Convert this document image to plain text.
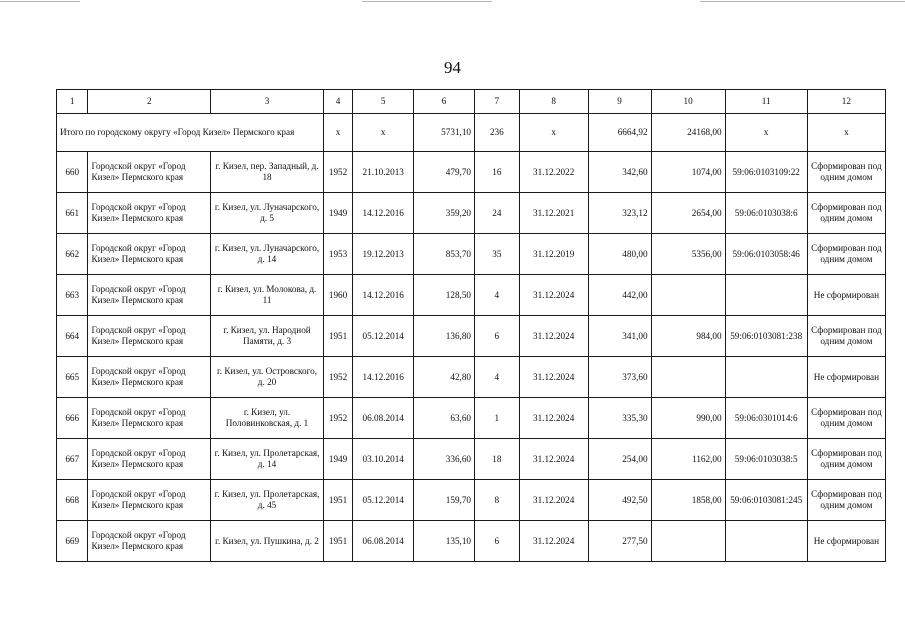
94
1	2	3	4	5	6	7	8	9	10	11	12
Итого по городскому округу «Город Кизел» Пермского края			х	х	5731,10	236	х	6664,92	24168,00	х	х
660	Городской округ «Город Кизел» Пермского края	г. Кизел, пер. Западный, д. 18	1952	21.10.2013	479,70	16	31.12.2022	342,60	1074,00	59:06:0103109:22	Сформирован под одним домом
661	Городской округ «Город Кизел» Пермского края	г. Кизел, ул. Луначарского, д. 5	1949	14.12.2016	359,20	24	31.12.2021	323,12	2654,00	59:06:0103038:6	Сформирован под одним домом
662	Городской округ «Город Кизел» Пермского края	г. Кизел, ул. Луначарского, д. 14	1953	19.12.2013	853,70	35	31.12.2019	480,00	5356,00	59:06:0103058:46	Сформирован под одним домом
663	Городской округ «Город Кизел» Пермского края	г. Кизел, ул. Молокова, д. 11	1960	14.12.2016	128,50	4	31.12.2024	442,00			Не сформирован
664	Городской округ «Город Кизел» Пермского края	г. Кизел, ул. Народной Памяти, д. 3	1951	05.12.2014	136,80	6	31.12.2024	341,00	984,00	59:06:0103081:238	Сформирован под одним домом
665	Городской округ «Город Кизел» Пермского края	г. Кизел, ул. Островского, д. 20	1952	14.12.2016	42,80	4	31.12.2024	373,60			Не сформирован
666	Городской округ «Город Кизел» Пермского края	г. Кизел, ул. Половинковская, д. 1	1952	06.08.2014	63,60	1	31.12.2024	335,30	990,00	59:06:0301014:6	Сформирован под одним домом
667	Городской округ «Город Кизел» Пермского края	г. Кизел, ул. Пролетарская, д. 14	1949	03.10.2014	336,60	18	31.12.2024	254,00	1162,00	59:06:0103038:5	Сформирован под одним домом
668	Городской округ «Город Кизел» Пермского края	г. Кизел, ул. Пролетарская, д. 45	1951	05.12.2014	159,70	8	31.12.2024	492,50	1858,00	59:06:0103081:245	Сформирован под одним домом
669	Городской округ «Город Кизел» Пермского края	г. Кизел, ул. Пушкина, д. 2	1951	06.08.2014	135,10	6	31.12.2024	277,50			Не сформирован
